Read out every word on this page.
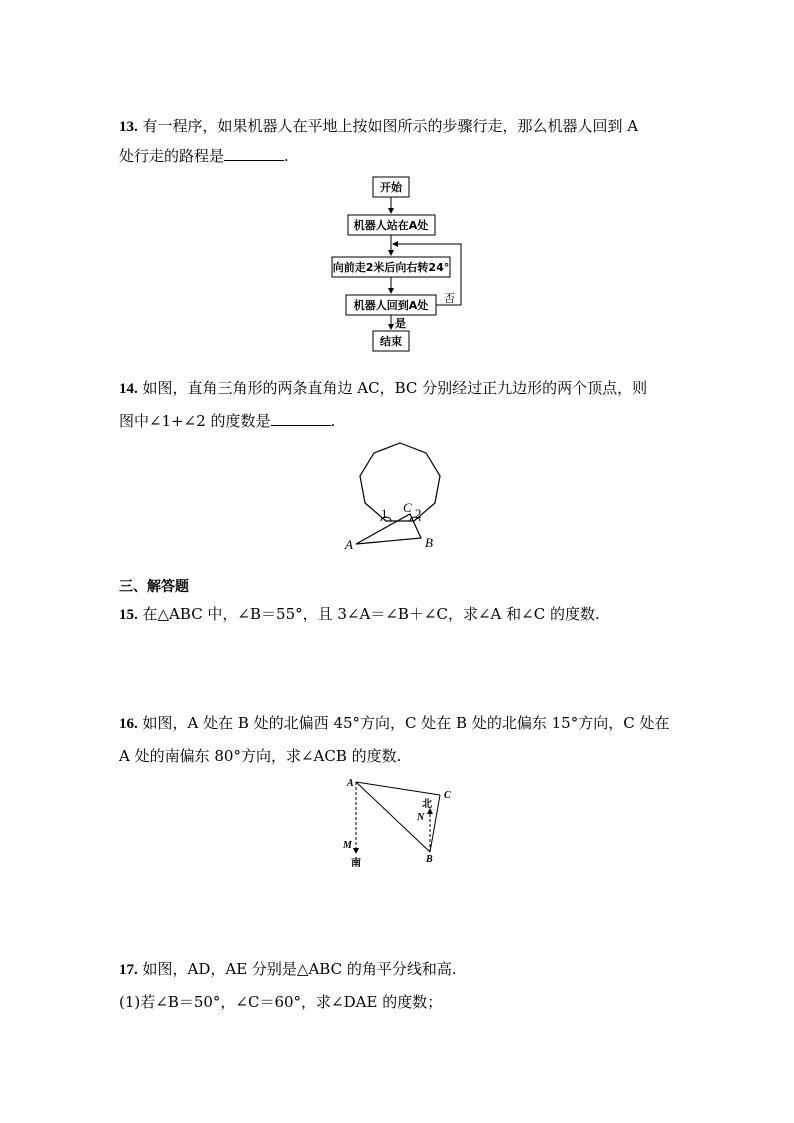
13. 有一程序，如果机器人在平地上按如图所示的步骤行走，那么机器人回到 A
处行走的路程是	.
开始
机器人站在A处
向前走2米后向右转24°
机器人回到A处
否
是
结束
14. 如图，直角三角形的两条直角边 AC，BC 分别经过正九边形的两个顶点，则
图中∠1+∠2 的度数是	.
1 2
C
A	B
三、解答题
15. 在△ABC 中，∠B＝55°，且 3∠A＝∠B＋∠C，求∠A 和∠C 的度数.
16. 如图，A 处在 B 处的北偏西 45°方向，C 处在 B 处的北偏东 15°方向，C 处在
A 处的南偏东 80°方向，求∠ACB 的度数.
A
C
北
N
M
南	B
17. 如图，AD，AE 分别是△ABC 的角平分线和高.
(1)若∠B＝50°，∠C＝60°，求∠DAE 的度数；
